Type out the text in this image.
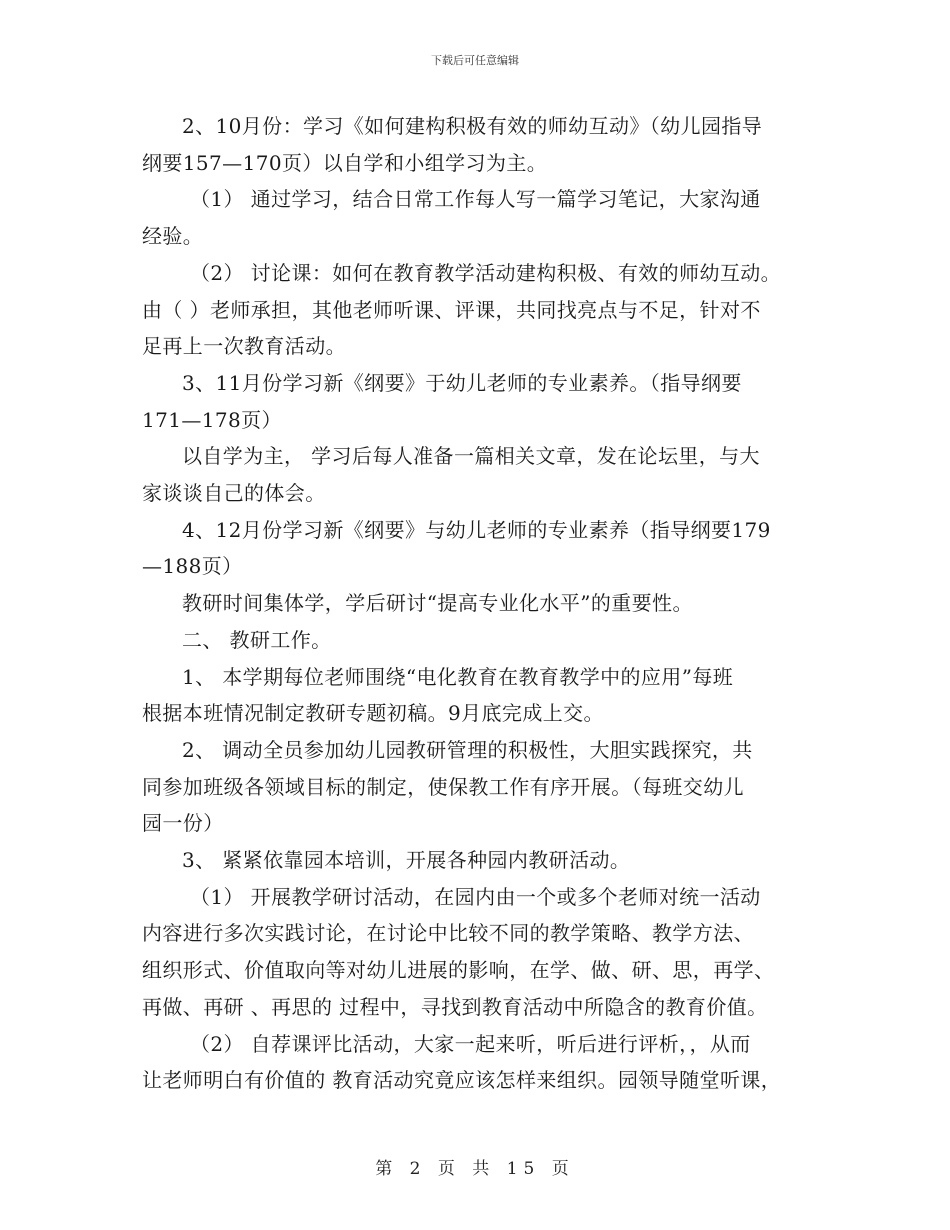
下载后可任意编辑
2、10月份：学习《如何建构积极有效的师幼互动》（幼儿园指导
纲要157—170页）以自学和小组学习为主。
（1） 通过学习，结合日常工作每人写一篇学习笔记，大家沟通
经验。
（2） 讨论课：如何在教育教学活动建构积极、有效的师幼互动。
由（ ）老师承担，其他老师听课、评课，共同找亮点与不足，针对不
足再上一次教育活动。
3、11月份学习新《纲要》于幼儿老师的专业素养。（指导纲要
171—178页）
以自学为主， 学习后每人准备一篇相关文章，发在论坛里，与大
家谈谈自己的体会。
4、12月份学习新《纲要》与幼儿老师的专业素养（指导纲要179
—188页）
教研时间集体学，学后研讨“提高专业化水平”的重要性。
二、 教研工作。
1、 本学期每位老师围绕“电化教育在教育教学中的应用”每班
根据本班情况制定教研专题初稿。9月底完成上交。
2、 调动全员参加幼儿园教研管理的积极性，大胆实践探究，共
同参加班级各领域目标的制定，使保教工作有序开展。（每班交幼儿
园一份）
3、 紧紧依靠园本培训，开展各种园内教研活动。
（1） 开展教学研讨活动，在园内由一个或多个老师对统一活动
内容进行多次实践讨论，在讨论中比较不同的教学策略、教学方法、
组织形式、价值取向等对幼儿进展的影响，在学、做、研、思，再学、
再做、再研 、再思的 过程中，寻找到教育活动中所隐含的教育价值。
（2） 自荐课评比活动，大家一起来听，听后进行评析，，从而
让老师明白有价值的 教育活动究竟应该怎样来组织。园领导随堂听课，
第 2 页 共 15 页
